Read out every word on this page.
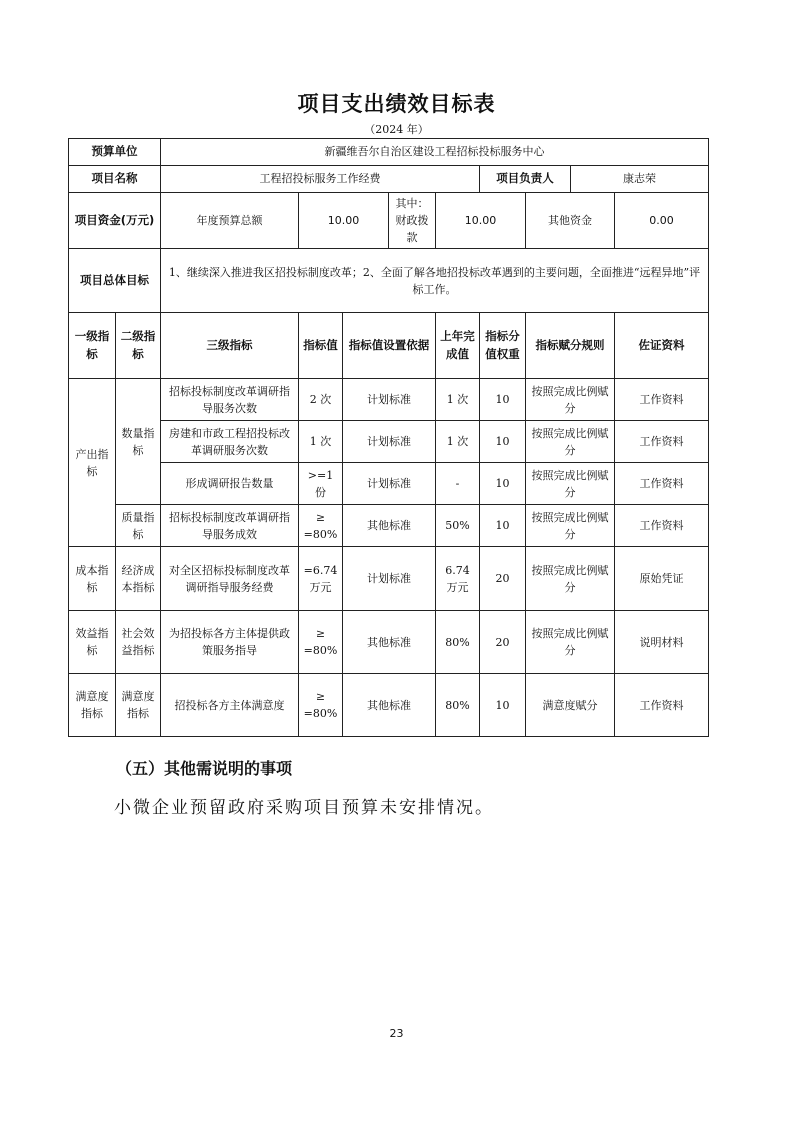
项目支出绩效目标表
（2024 年）
预算单位		新疆维吾尔自治区建设工程招标投标服务中心								
项目名称		工程招投标服务工作经费					项目负责人		康志荣	
项目资金(万元)		年度预算总额	10.00		其中：财政拨款	10.00		其他资金		0.00
项目总体目标		1、继续深入推进我区招投标制度改革；2、全面了解各地招投标改革遇到的主要问题，全面推进“远程异地”评标工作。								
一级指标	二级指标	三级指标	指标值	指标值设置依据		上年完成值	指标分值权重	指标赋分规则		佐证资料
产出指标	数量指标	招标投标制度改革调研指导服务次数	2 次	计划标准		1 次	10	按照完成比例赋分		工作资料
		房建和市政工程招投标改革调研服务次数	1 次	计划标准		1 次	10	按照完成比例赋分		工作资料
		形成调研报告数量	>=1 份	计划标准		-	10	按照完成比例赋分		工作资料
	质量指标	招标投标制度改革调研指导服务成效	≥ =80%	其他标准		50%	10	按照完成比例赋分		工作资料
成本指标	经济成本指标	对全区招标投标制度改革调研指导服务经费	=6.74 万元	计划标准		6.74 万元	20	按照完成比例赋分		原始凭证
效益指标	社会效益指标	为招投标各方主体提供政策服务指导	≥ =80%	其他标准		80%	20	按照完成比例赋分		说明材料
满意度指标	满意度指标	招投标各方主体满意度	≥ =80%	其他标准		80%	10	满意度赋分		工作资料
（五）其他需说明的事项
小微企业预留政府采购项目预算未安排情况。
23
